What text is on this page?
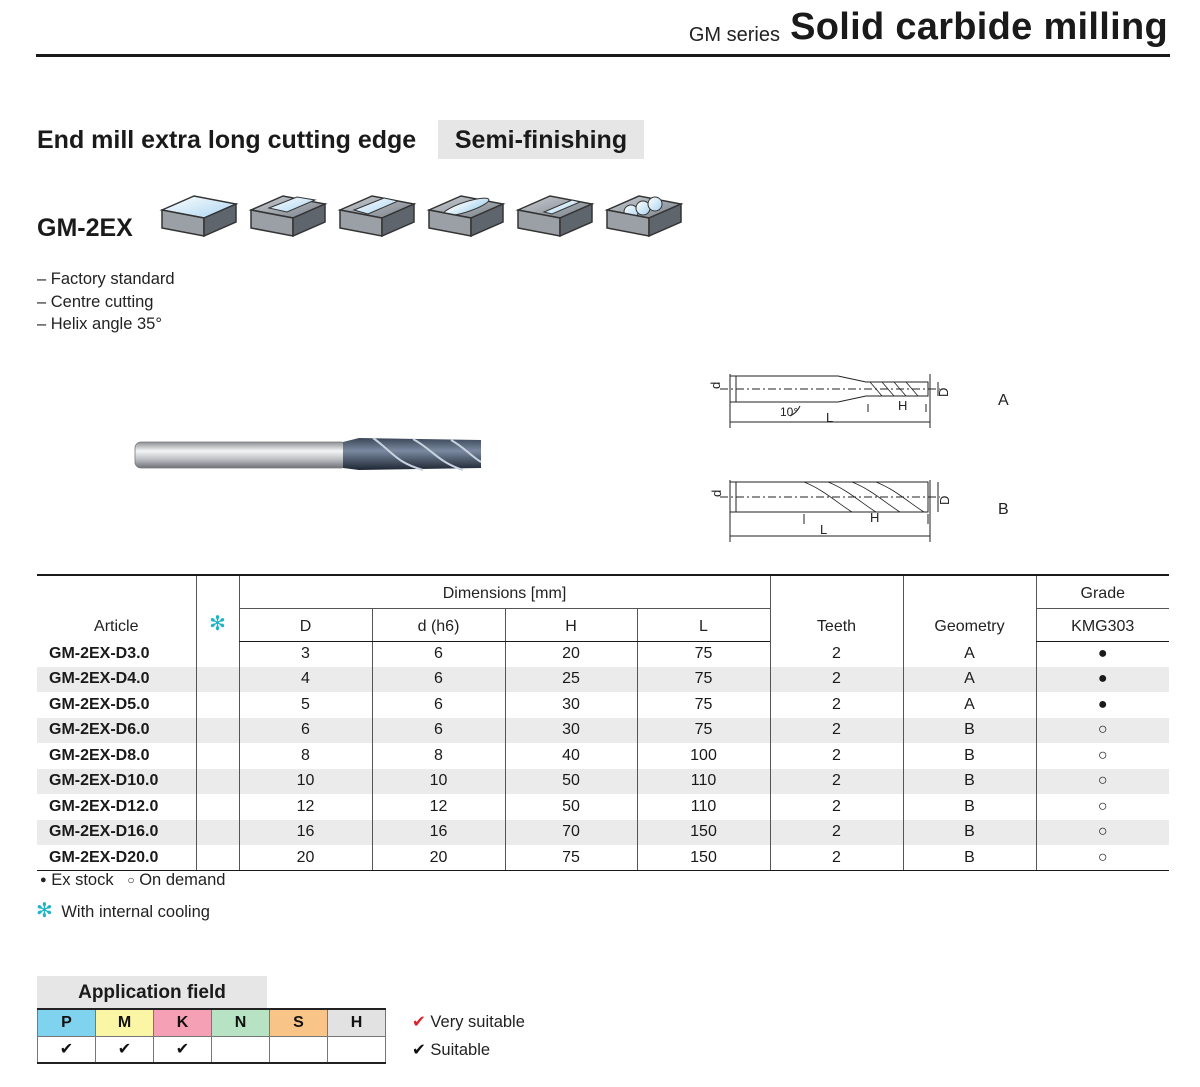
GM series Solid carbide milling
End mill extra long cutting edge	Semi-finishing
GM-2EX
– Factory standard
– Centre cutting
– Helix angle 35°
d
D
H
L
10°
d
D
H
L
A
B
Article	✻	Dimensions [mm]				Teeth	Geometry	Grade
		D	d (h6)	H	L			KMG303
GM-2EX-D3.0		3	6	20	75	2	A	●
GM-2EX-D4.0		4	6	25	75	2	A	●
GM-2EX-D5.0		5	6	30	75	2	A	●
GM-2EX-D6.0		6	6	30	75	2	B	○
GM-2EX-D8.0		8	8	40	100	2	B	○
GM-2EX-D10.0		10	10	50	110	2	B	○
GM-2EX-D12.0		12	12	50	110	2	B	○
GM-2EX-D16.0		16	16	70	150	2	B	○
GM-2EX-D20.0		20	20	75	150	2	B	○
● Ex stock ○ On demand
✻ With internal cooling
Application field
P	M	K	N	S	H
✔	✔	✔			
✔ Very suitable
✔ Suitable
